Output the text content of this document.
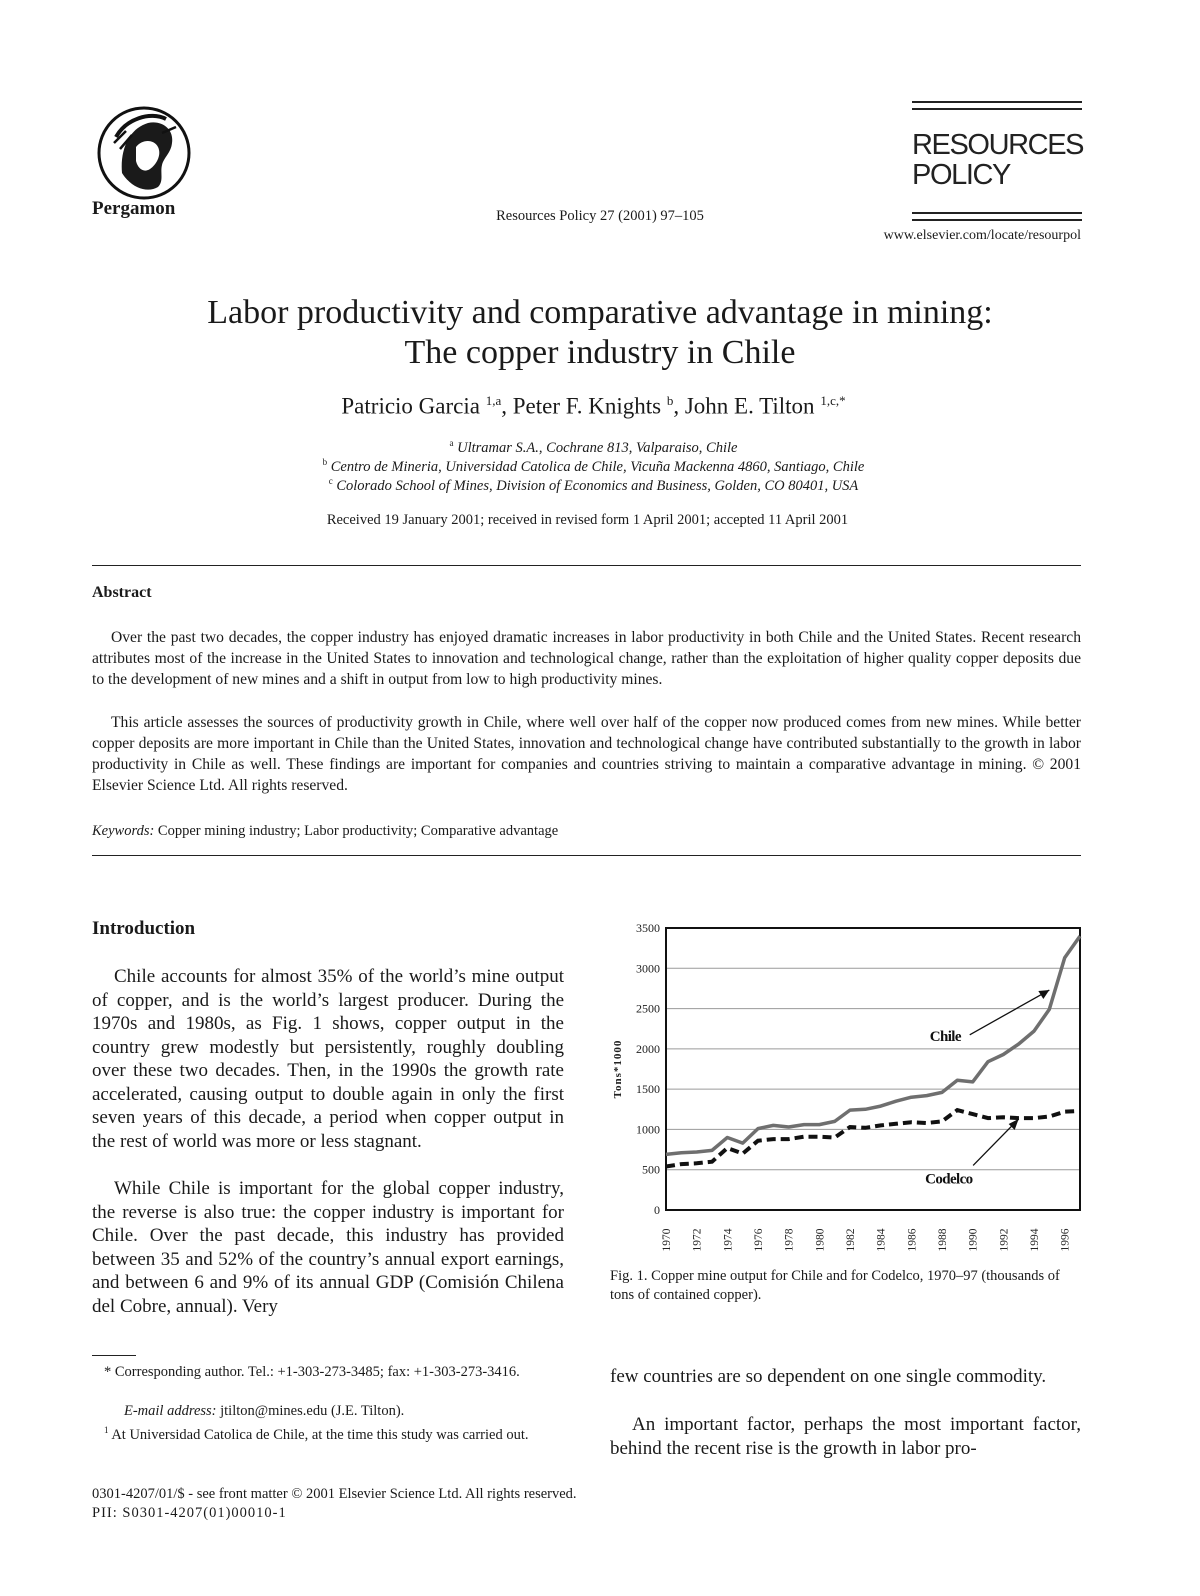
Pergamon	Resources Policy 27 (2001) 97–105
RESOURCES
POLICY
www.elsevier.com/locate/resourpol
Labor productivity and comparative advantage in mining:
The copper industry in Chile
Patricio Garcia $^{1,a}$, Peter F. Knights $^b$, John E. Tilton $^{1,c,*}$
$^a$ Ultramar S.A., Cochrane 813, Valparaiso, Chile
$^b$ Centro de Mineria, Universidad Catolica de Chile, Vicuña Mackenna 4860, Santiago, Chile
$^c$ Colorado School of Mines, Division of Economics and Business, Golden, CO 80401, USA
Received 19 January 2001; received in revised form 1 April 2001; accepted 11 April 2001
Abstract
Over the past two decades, the copper industry has enjoyed dramatic increases in labor productivity in both Chile and the United States. Recent research attributes most of the increase in the United States to innovation and technological change, rather than the exploitation of higher quality copper deposits due to the development of new mines and a shift in output from low to high productivity mines.
This article assesses the sources of productivity growth in Chile, where well over half of the copper now produced comes from new mines. While better copper deposits are more important in Chile than the United States, innovation and technological change have contributed substantially to the growth in labor productivity in Chile as well. These findings are important for companies and countries striving to maintain a comparative advantage in mining. © 2001 Elsevier Science Ltd. All rights reserved.
Keywords: Copper mining industry; Labor productivity; Comparative advantage
Introduction
Chile accounts for almost 35% of the world’s mine output of copper, and is the world’s largest producer. During the 1970s and 1980s, as Fig. 1 shows, copper output in the country grew modestly but persistently, roughly doubling over these two decades. Then, in the 1990s the growth rate accelerated, causing output to double again in only the first seven years of this decade, a period when copper output in the rest of world was more or less stagnant.
While Chile is important for the global copper industry, the reverse is also true: the copper industry is important for Chile. Over the past decade, this industry has provided between 35 and 52% of the country’s annual export earnings, and between 6 and 9% of its annual GDP (Comisión Chilena del Cobre, annual). Very
* Corresponding author. Tel.: +1-303-273-3485; fax: +1-303-273-3416.
E-mail address: jtilton@mines.edu (J.E. Tilton).
$^1$ At Universidad Catolica de Chile, at the time this study was carried out.
0301-4207/01/$ - see front matter © 2001 Elsevier Science Ltd. All rights reserved.
PII: S0301-4207(01)00010-1
0
500
1000
1500
2000
2500
3000
3500
1970 1972 1974 1976 1978 1980 1982 1984 1986 1988 1990 1992 1994 1996
Tons*1000
Chile
Codelco
Fig. 1. Copper mine output for Chile and for Codelco, 1970–97 (thousands of tons of contained copper).
few countries are so dependent on one single commodity.
An important factor, perhaps the most important factor, behind the recent rise is the growth in labor pro-
